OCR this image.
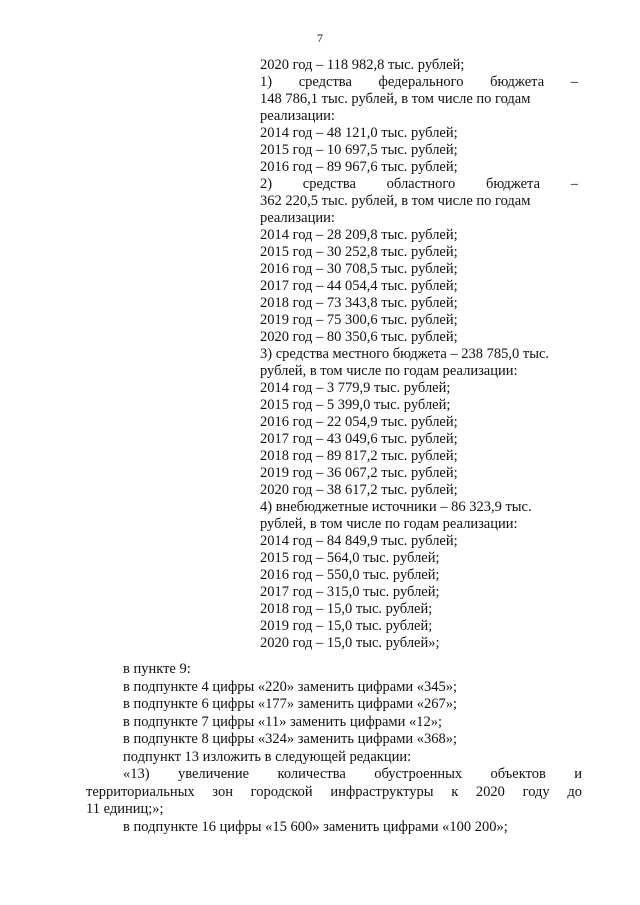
7
2020 год – 118 982,8 тыс. рублей;
1) средства федерального бюджета –
148 786,1 тыс. рублей, в том числе по годам
реализации:
2014 год – 48 121,0 тыс. рублей;
2015 год – 10 697,5 тыс. рублей;
2016 год – 89 967,6 тыс. рублей;
2) средства областного бюджета –
362 220,5 тыс. рублей, в том числе по годам
реализации:
2014 год – 28 209,8 тыс. рублей;
2015 год – 30 252,8 тыс. рублей;
2016 год – 30 708,5 тыс. рублей;
2017 год – 44 054,4 тыс. рублей;
2018 год – 73 343,8 тыс. рублей;
2019 год – 75 300,6 тыс. рублей;
2020 год – 80 350,6 тыс. рублей;
3) средства местного бюджета – 238 785,0 тыс.
рублей, в том числе по годам реализации:
2014 год – 3 779,9 тыс. рублей;
2015 год – 5 399,0 тыс. рублей;
2016 год – 22 054,9 тыс. рублей;
2017 год – 43 049,6 тыс. рублей;
2018 год – 89 817,2 тыс. рублей;
2019 год – 36 067,2 тыс. рублей;
2020 год – 38 617,2 тыс. рублей;
4) внебюджетные источники – 86 323,9 тыс.
рублей, в том числе по годам реализации:
2014 год – 84 849,9 тыс. рублей;
2015 год – 564,0 тыс. рублей;
2016 год – 550,0 тыс. рублей;
2017 год – 315,0 тыс. рублей;
2018 год – 15,0 тыс. рублей;
2019 год – 15,0 тыс. рублей;
2020 год – 15,0 тыс. рублей»;
в пункте 9:
в подпункте 4 цифры «220» заменить цифрами «345»;
в подпункте 6 цифры «177» заменить цифрами «267»;
в подпункте 7 цифры «11» заменить цифрами «12»;
в подпункте 8 цифры «324» заменить цифрами «368»;
подпункт 13 изложить в следующей редакции:
«13) увеличение количества обустроенных объектов и
территориальных зон городской инфраструктуры к 2020 году до
11 единиц;»;
в подпункте 16 цифры «15 600» заменить цифрами «100 200»;
